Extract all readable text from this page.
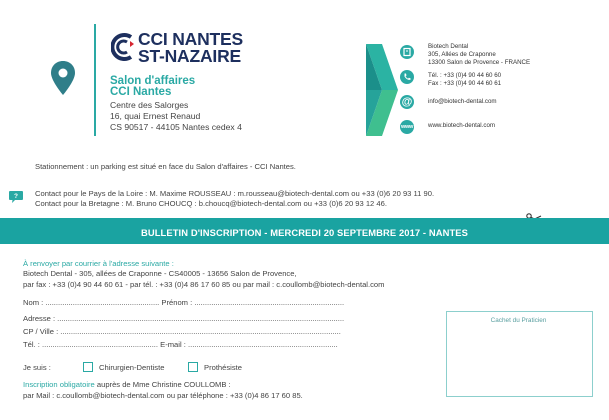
CCI NANTES
ST-NAZAIRE
Salon d'affaires
CCI Nantes
Centre des Salorges
16, quai Ernest Renaud
CS 90517 - 44105 Nantes cedex 4
@
www
Biotech Dental
305, Allées de Craponne
13300 Salon de Provence - FRANCE
Tél. : +33 (0)4 90 44 60 60
Fax : +33 (0)4 90 44 60 61
info@biotech-dental.com
www.biotech-dental.com
Stationnement : un parking est situé en face du Salon d'affaires - CCI Nantes.
? Contact pour le Pays de la Loire : M. Maxime ROUSSEAU : m.rousseau@biotech-dental.com ou +33 (0)6 20 93 11 90.
Contact pour la Bretagne : M. Bruno CHOUCQ : b.choucq@biotech-dental.com ou +33 (0)6 20 93 12 46.
BULLETIN D'INSCRIPTION - MERCREDI 20 SEPTEMBRE 2017 - NANTES
À renvoyer par courrier à l'adresse suivante :
Biotech Dental - 305, allées de Craponne - CS40005 - 13656 Salon de Provence,
par fax : +33 (0)4 90 44 60 61 - par tél. : +33 (0)4 86 17 60 85 ou par mail : c.coullomb@biotech-dental.com
Nom : ...................................................... Prénom : .......................................................................
Adresse : ........................................................................................................................................
CP / Ville : .....................................................................................................................................
Tél. : ....................................................... E-mail : .......................................................................
Je suis :	Chirurgien-Dentiste	Prothésiste
Cachet du Praticien
Inscription obligatoire auprès de Mme Christine COULLOMB :
par Mail : c.coullomb@biotech-dental.com ou par téléphone : +33 (0)4 86 17 60 85.
